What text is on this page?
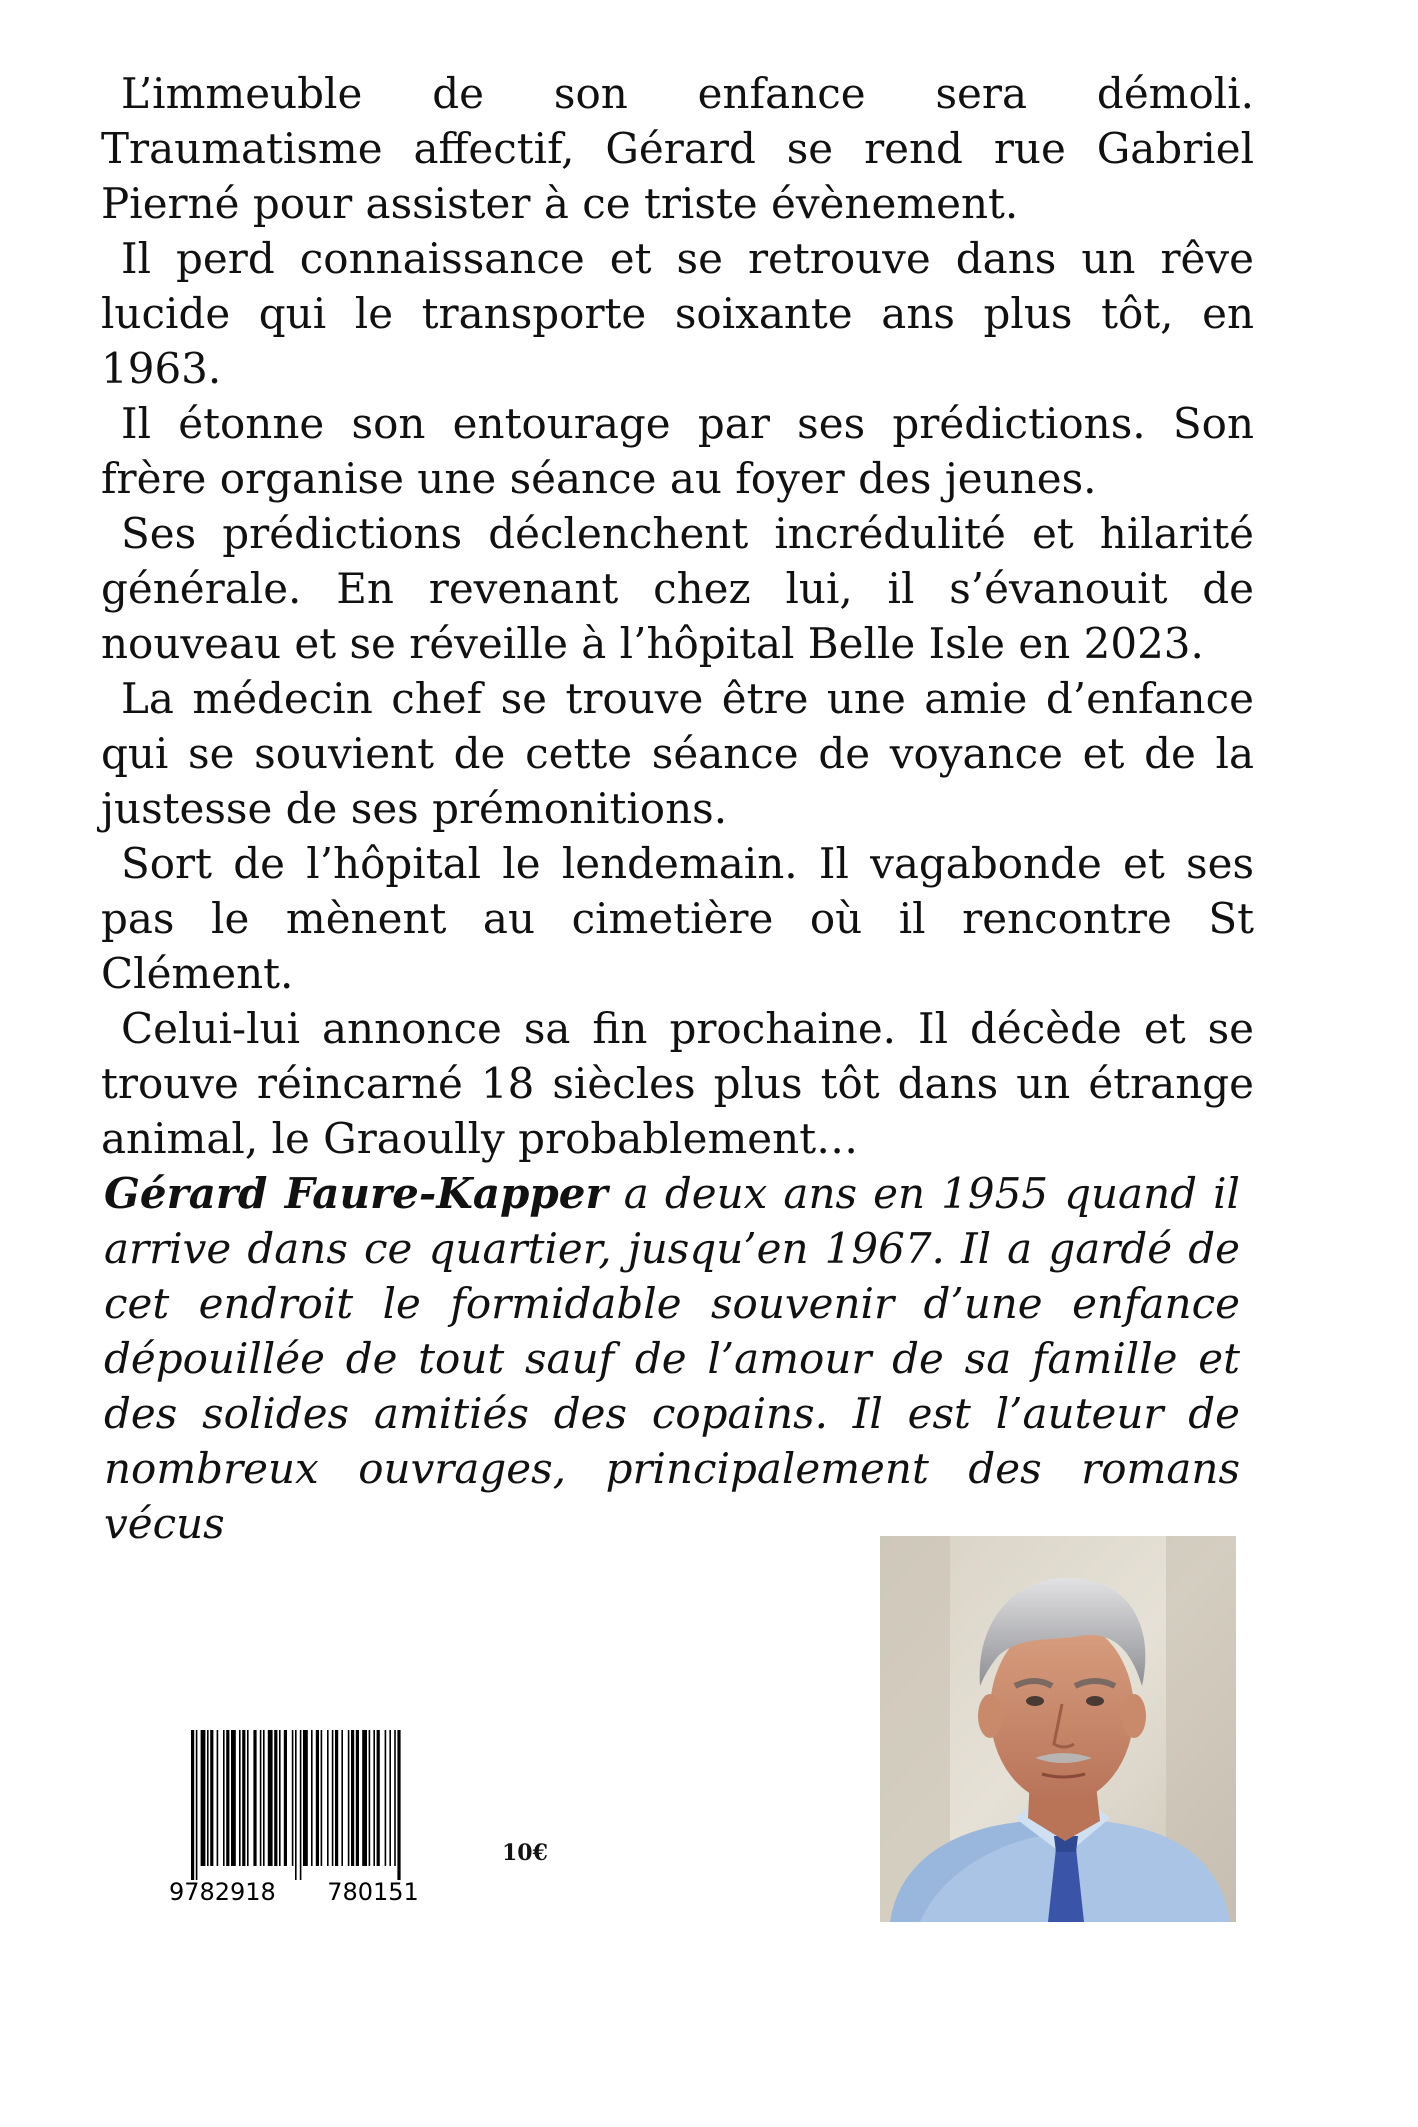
L’immeuble de son enfance sera démoli. Traumatisme affectif, Gérard se rend rue Gabriel Pierné pour assister à ce triste évènement.

Il perd connaissance et se retrouve dans un rêve lucide qui le transporte soixante ans plus tôt, en 1963.

Il étonne son entourage par ses prédictions. Son frère organise une séance au foyer des jeunes.

Ses prédictions déclenchent incrédulité et hilarité générale. En revenant chez lui, il s’évanouit de nouveau et se réveille à l’hôpital Belle Isle en 2023.

La médecin chef se trouve être une amie d’enfance qui se souvient de cette séance de voyance et de la justesse de ses prémonitions.

Sort de l’hôpital le lendemain. Il vagabonde et ses pas le mènent au cimetière où il rencontre St Clément.

Celui-lui annonce sa fin prochaine. Il décède et se trouve réincarné 18 siècles plus tôt dans un étrange animal, le Graoully probablement…

Gérard Faure-Kapper a deux ans en 1955 quand il arrive dans ce quartier, jusqu’en 1967. Il a gardé de cet endroit le formidable souvenir d’une enfance dépouillée de tout sauf de l’amour de sa famille et des solides amitiés des copains. Il est l’auteur de nombreux ouvrages, principalement des romans vécus
9 782918 780151
10€
